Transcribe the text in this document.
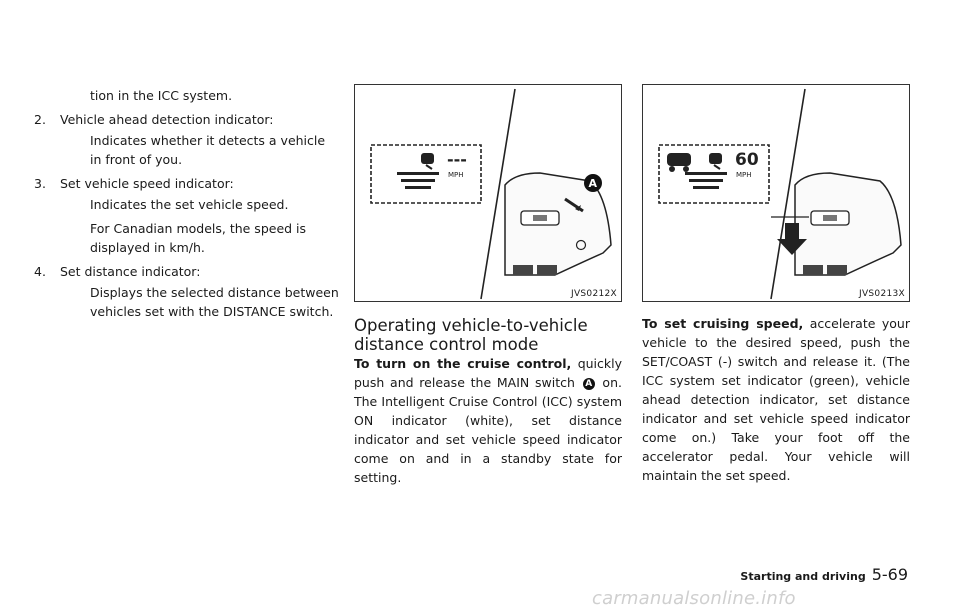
tion in the ICC system.
2. Vehicle ahead detection indicator:
Indicates whether it detects a vehicle in front of you.
3. Set vehicle speed indicator:
Indicates the set vehicle speed.
For Canadian models, the speed is displayed in km/h.
4. Set distance indicator:
Displays the selected distance between vehicles set with the DISTANCE switch.
---
MPH
A
JVS0212X
60
MPH
JVS0213X
Operating vehicle-to-vehicle distance control mode

To turn on the cruise control, quickly push and release the MAIN switch A on. The Intelligent Cruise Control (ICC) system ON indicator (white), set distance indicator and set vehicle speed indicator come on and in a standby state for setting.

To set cruising speed, accelerate your vehicle to the desired speed, push the SET/COAST (-) switch and release it. (The ICC system set indicator (green), vehicle ahead detection indicator, set distance indicator and set vehicle speed indicator come on.) Take your foot off the accelerator pedal. Your vehicle will maintain the set speed.

Starting and driving 5-69
carmanualsonline.info
